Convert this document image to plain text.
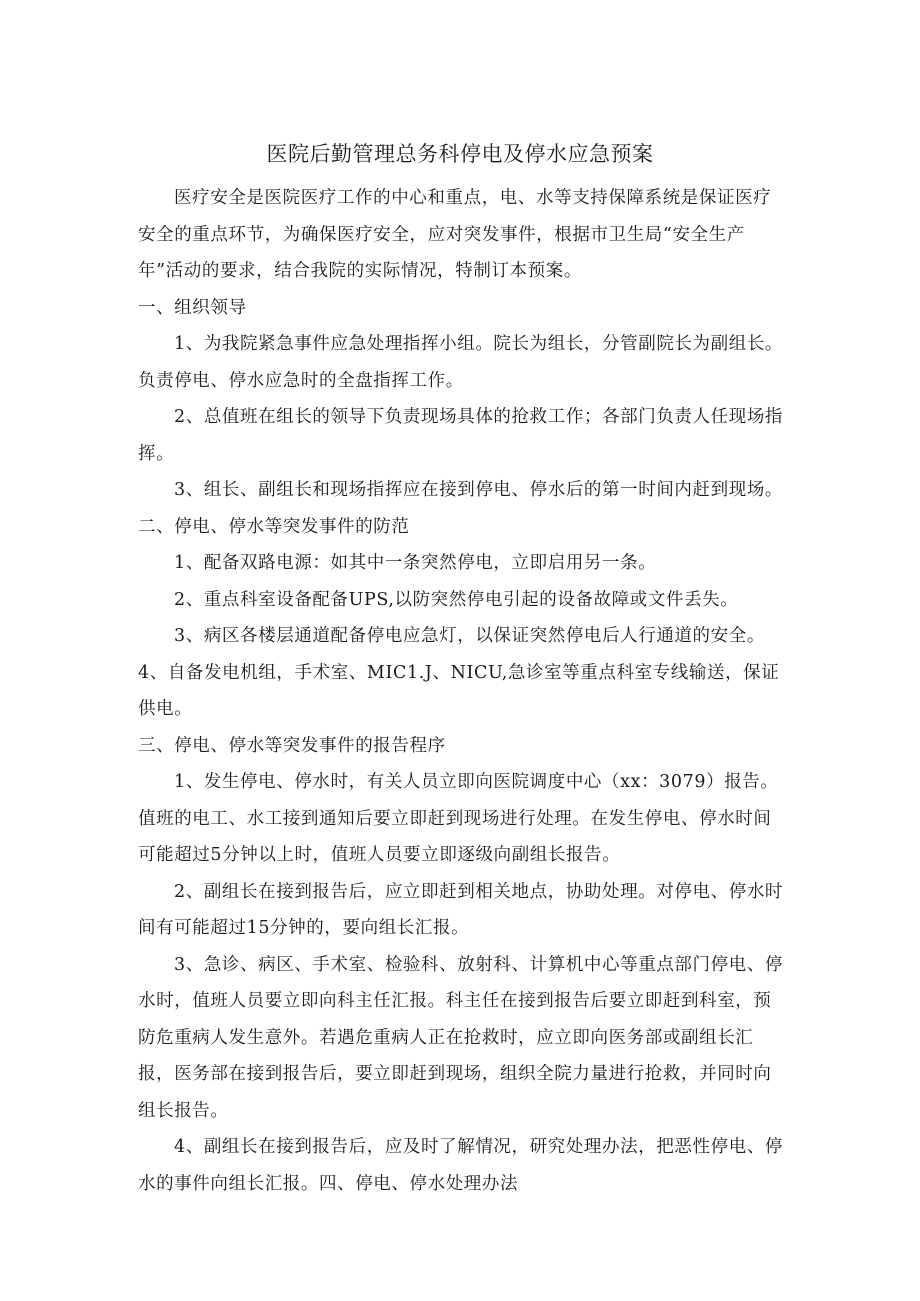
医院后勤管理总务科停电及停水应急预案

医疗安全是医院医疗工作的中心和重点，电、水等支持保障系统是保证医疗安全的重点环节，为确保医疗安全，应对突发事件，根据市卫生局“安全生产年”活动的要求，结合我院的实际情况，特制订本预案。

一、组织领导

1、为我院紧急事件应急处理指挥小组。院长为组长，分管副院长为副组长。负责停电、停水应急时的全盘指挥工作。

2、总值班在组长的领导下负责现场具体的抢救工作；各部门负责人任现场指挥。

3、组长、副组长和现场指挥应在接到停电、停水后的第一时间内赶到现场。二、停电、停水等突发事件的防范

1、配备双路电源：如其中一条突然停电，立即启用另一条。

2、重点科室设备配备UPS,以防突然停电引起的设备故障或文件丢失。

3、病区各楼层通道配备停电应急灯，以保证突然停电后人行通道的安全。

4、自备发电机组，手术室、MIC1.J、NICU,急诊室等重点科室专线输送，保证供电。

三、停电、停水等突发事件的报告程序

1、发生停电、停水时，有关人员立即向医院调度中心（xx：3079）报告。值班的电工、水工接到通知后要立即赶到现场进行处理。在发生停电、停水时间可能超过5分钟以上时，值班人员要立即逐级向副组长报告。

2、副组长在接到报告后，应立即赶到相关地点，协助处理。对停电、停水时间有可能超过15分钟的，要向组长汇报。

3、急诊、病区、手术室、检验科、放射科、计算机中心等重点部门停电、停水时，值班人员要立即向科主任汇报。科主任在接到报告后要立即赶到科室，预防危重病人发生意外。若遇危重病人正在抢救时，应立即向医务部或副组长汇报，医务部在接到报告后，要立即赶到现场，组织全院力量进行抢救，并同时向组长报告。

4、副组长在接到报告后，应及时了解情况，研究处理办法，把恶性停电、停水的事件向组长汇报。四、停电、停水处理办法
